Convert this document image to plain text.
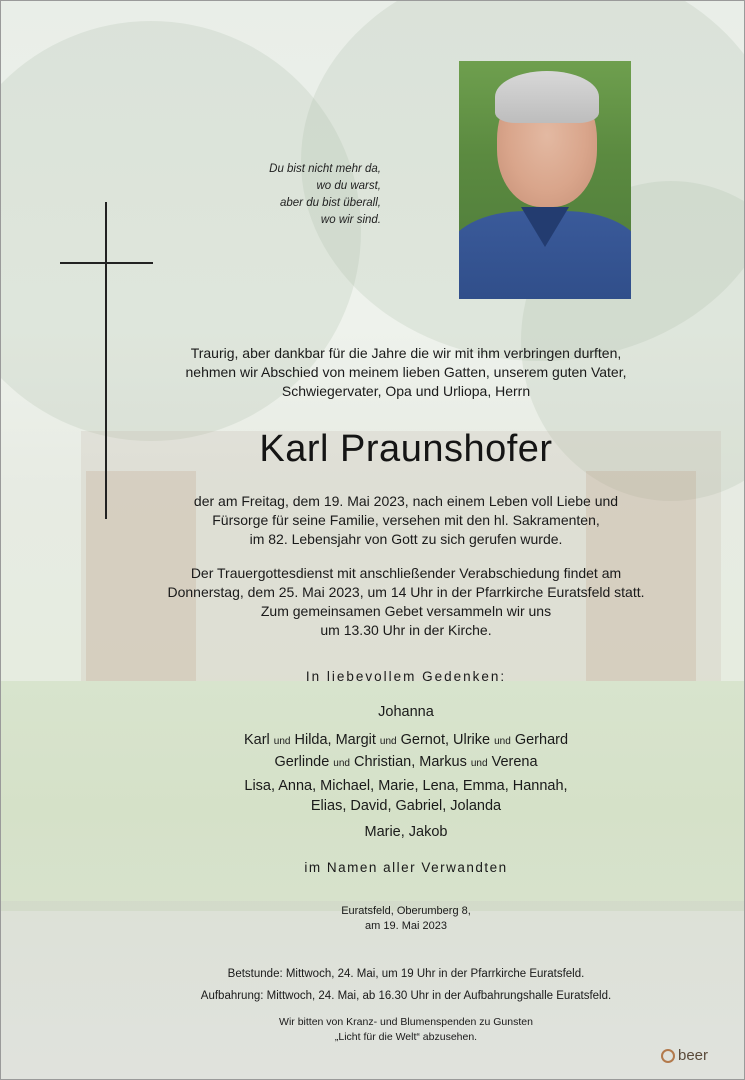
Du bist nicht mehr da,
wo du warst,
aber du bist überall,
wo wir sind.
Traurig, aber dankbar für die Jahre die wir mit ihm verbringen durften,
nehmen wir Abschied von meinem lieben Gatten, unserem guten Vater,
Schwiegervater, Opa und Urliopa, Herrn
Karl Praunshofer
der am Freitag, dem 19. Mai 2023, nach einem Leben voll Liebe und
Fürsorge für seine Familie, versehen mit den hl. Sakramenten,
im 82. Lebensjahr von Gott zu sich gerufen wurde.
Der Trauergottesdienst mit anschließender Verabschiedung findet am
Donnerstag, dem 25. Mai 2023, um 14 Uhr in der Pfarrkirche Euratsfeld statt.
Zum gemeinsamen Gebet versammeln wir uns
um 13.30 Uhr in der Kirche.
In liebevollem Gedenken:
Johanna
Karl und Hilda, Margit und Gernot, Ulrike und Gerhard
Gerlinde und Christian, Markus und Verena
Lisa, Anna, Michael, Marie, Lena, Emma, Hannah,
Elias, David, Gabriel, Jolanda
Marie, Jakob
im Namen aller Verwandten
Euratsfeld, Oberumberg 8,
am 19. Mai 2023
Betstunde: Mittwoch, 24. Mai, um 19 Uhr in der Pfarrkirche Euratsfeld.
Aufbahrung: Mittwoch, 24. Mai, ab 16.30 Uhr in der Aufbahrungshalle Euratsfeld.
Wir bitten von Kranz- und Blumenspenden zu Gunsten
„Licht für die Welt“ abzusehen.
beer
